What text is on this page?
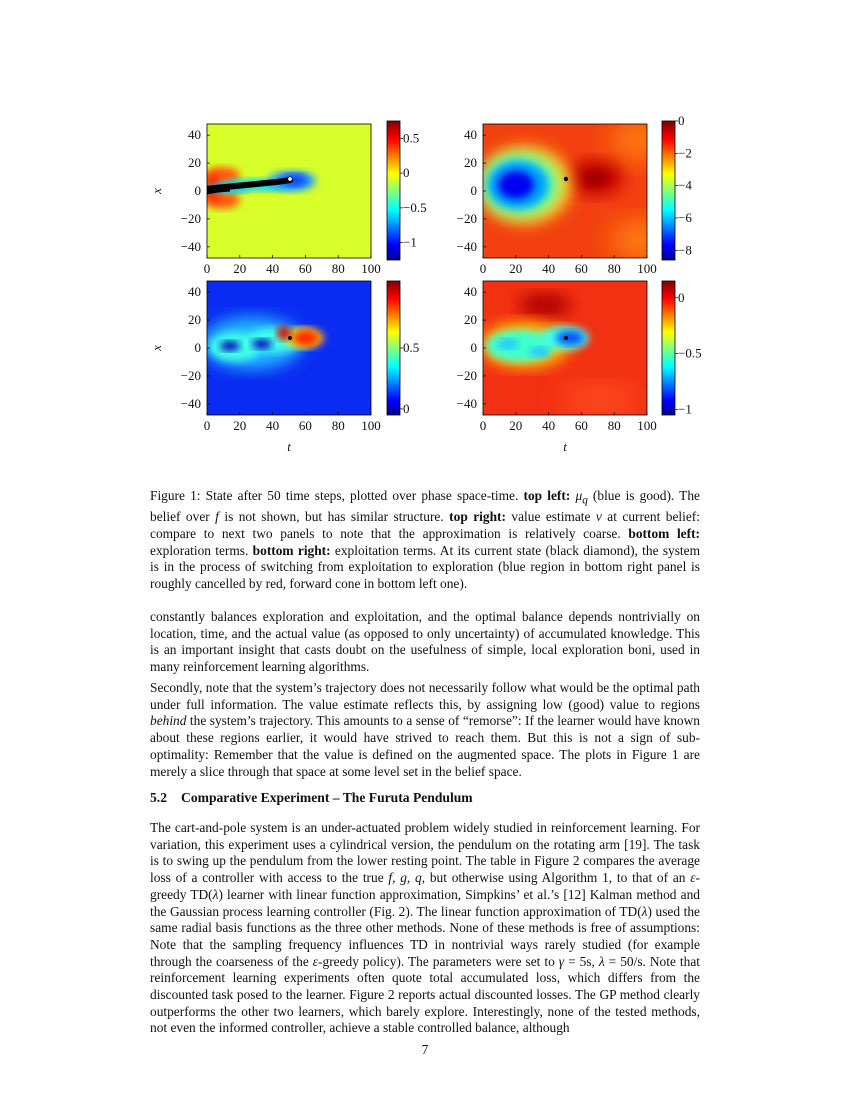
0 20 40 60 80 100
40
20
0
−20
−40
0.5
0
−0.5
−1
x
0 20 40 60 80 100
40
20
0
−20
−40
0
−2
−4
−6
−8
0 20 40 60 80 100
40
20
0
−20
−40
0.5
0
x
t
0 20 40 60 80 100
40
20
0
−20
−40
0
−0.5
−1
t
Figure 1: State after 50 time steps, plotted over phase space-time. top left: $\mu_q$ (blue is good). The belief over f is not shown, but has similar structure. top right: value estimate v at current belief: compare to next two panels to note that the approximation is relatively coarse. bottom left: exploration terms. bottom right: exploitation terms. At its current state (black diamond), the system is in the process of switching from exploitation to exploration (blue region in bottom right panel is roughly cancelled by red, forward cone in bottom left one).

constantly balances exploration and exploitation, and the optimal balance depends nontrivially on location, time, and the actual value (as opposed to only uncertainty) of accumulated knowledge. This is an important insight that casts doubt on the usefulness of simple, local exploration boni, used in many reinforcement learning algorithms.

Secondly, note that the system’s trajectory does not necessarily follow what would be the optimal path under full information. The value estimate reflects this, by assigning low (good) value to regions behind the system’s trajectory. This amounts to a sense of “remorse”: If the learner would have known about these regions earlier, it would have strived to reach them. But this is not a sign of sub-optimality: Remember that the value is defined on the augmented space. The plots in Figure 1 are merely a slice through that space at some level set in the belief space.

5.2 Comparative Experiment – The Furuta Pendulum

The cart-and-pole system is an under-actuated problem widely studied in reinforcement learning. For variation, this experiment uses a cylindrical version, the pendulum on the rotating arm [19]. The task is to swing up the pendulum from the lower resting point. The table in Figure 2 compares the average loss of a controller with access to the true f, g, q, but otherwise using Algorithm 1, to that of an ε-greedy TD(λ) learner with linear function approximation, Simpkins’ et al.’s [12] Kalman method and the Gaussian process learning controller (Fig. 2). The linear function approximation of TD(λ) used the same radial basis functions as the three other methods. None of these methods is free of assumptions: Note that the sampling frequency influences TD in nontrivial ways rarely studied (for example through the coarseness of the ε-greedy policy). The parameters were set to γ = 5s, λ = 50/s. Note that reinforcement learning experiments often quote total accumulated loss, which differs from the discounted task posed to the learner. Figure 2 reports actual discounted losses. The GP method clearly outperforms the other two learners, which barely explore. Interestingly, none of the tested methods, not even the informed controller, achieve a stable controlled balance, although

7
